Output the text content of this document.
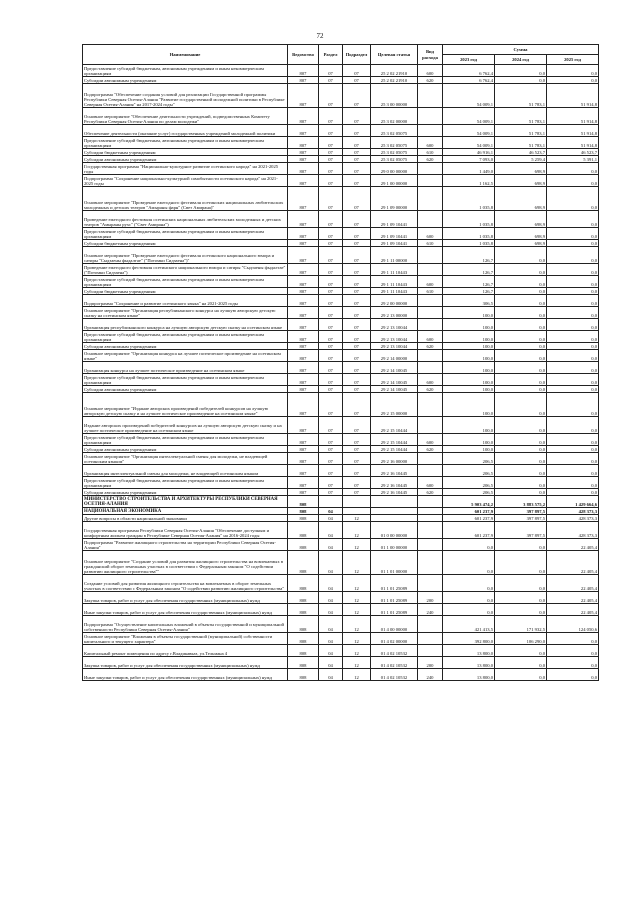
72
Наименование	Ведомство	Раздел	Подраздел	Целевая статья	Вид расхода	Сумма		
						2023 год	2024 год	2025 год
Предоставление субсидий бюджетным, автономным учреждениям и иным некоммерческим организациям	807	07	07	25 2 02 21910	600	6 762,4	0,0	0,0
Субсидии автономным учреждениям	807	07	07	25 2 02 21910	620	6 762,4	0,0	0,0
Подпрограмма "Обеспечение создания условий для реализации Государственной программы Республики Северная Осетия-Алания "Развитие государственной молодежной политики в Республике Северная Осетия-Алания" на 2017-2024 годы"	807	07	07	25 3 00 00000		54 009,1	51 783,1	51 914,8
Основное мероприятие "Обеспечение деятельности учреждений, подведомственных Комитету Республики Северная Осетия-Алания по делам молодежи"	807	07	07	25 3 02 00000		54 009,1	51 783,1	51 914,8
Обеспечение деятельности (оказание услуг) государственных учреждений молодежной политики	807	07	07	25 3 02 05075		54 009,1	51 783,1	51 914,8
Предоставление субсидий бюджетным, автономным учреждениям и иным некоммерческим организациям	807	07	07	25 3 02 05075	600	54 009,1	51 783,1	51 914,8
Субсидии бюджетным учреждениям	807	07	07	25 3 02 05075	610	46 916,1	46 523,7	46 523,7
Субсидии автономным учреждениям	807	07	07	25 3 02 05075	620	7 093,0	5 259,4	5 391,1
Государственная программа "Национально-культурное развитие осетинского народа" на 2021-2025 годы	807	07	07	29 0 00 00000		1 449,0	698,9	0,0
Подпрограмма "Сохранение национально-культурной самобытности осетинского народа" на 2021-2025 годы	807	07	07	29 1 00 00000		1 162,5	698,9	0,0
Основное мероприятие "Проведение ежегодного фестиваля осетинских национальных любительских молодежных и детских театров "Амыраны фарн" (Свет Амирана)"	807	07	07	29 1 09 00000		1 035,8	698,9	0,0
Проведение ежегодного фестиваля осетинских национальных любительских молодежных и детских театров "Амыраны рухс" ("Свет Амирана")	807	07	07	29 1 09 10441		1 035,8	698,9	0,0
Предоставление субсидий бюджетным, автономным учреждениям и иным некоммерческим организациям	807	07	07	29 1 09 10441	600	1 035,8	698,9	0,0
Субсидии бюджетным учреждениям	807	07	07	29 1 09 10441	610	1 035,8	698,9	0,0
Основное мероприятие "Проведение ежегодного фестиваля осетинского национального юмора и сатиры "Сыдзаены фыдалтае" ("Потомки Сидзаена")"	807	07	07	29 1 11 00000		126,7	0,0	0,0
Проведение ежегодного фестиваля осетинского национального юмора и сатиры "Сыдзаены фыдалтае" ("Потомки Сидзаена")	807	07	07	29 1 11 10443		126,7	0,0	0,0
Предоставление субсидий бюджетным, автономным учреждениям и иным некоммерческим организациям	807	07	07	29 1 11 10443	600	126,7	0,0	0,0
Субсидии бюджетным учреждениям	807	07	07	29 1 11 10443	610	126,7	0,0	0,0
Подпрограмма "Сохранение и развитие осетинского языка" на 2021-2025 годы	807	07	07	29 2 00 00000		306,5	0,0	0,0
Основное мероприятие "Организация республиканского конкурса на лучшую авторскую детскую сказку на осетинском языке"	807	07	07	29 2 13 00000		100,0	0,0	0,0
Организация республиканского конкурса на лучшую авторскую детскую сказку на осетинском языке	807	07	07	29 2 13 10044		100,0	0,0	0,0
Предоставление субсидий бюджетным, автономным учреждениям и иным некоммерческим организациям	807	07	07	29 2 13 10044	600	100,0	0,0	0,0
Субсидии автономным учреждениям	807	07	07	29 2 13 10044	620	100,0	0,0	0,0
Основное мероприятие "Организация конкурса на лучшее поэтическое произведение на осетинском языке"	807	07	07	29 2 14 00000		100,0	0,0	0,0
Организация конкурса на лучшее поэтическое произведение на осетинском языке	807	07	07	29 2 14 10045		100,0	0,0	0,0
Предоставление субсидий бюджетным, автономным учреждениям и иным некоммерческим организациям	807	07	07	29 2 14 10045	600	100,0	0,0	0,0
Субсидии автономным учреждениям	807	07	07	29 2 14 10045	620	100,0	0,0	0,0
Основное мероприятие "Издание авторских произведений победителей конкурсов на лучшую авторскую детскую сказку и на лучшее поэтическое произведение на осетинском языке"	807	07	07	29 2 15 00000		100,0	0,0	0,0
Издание авторских произведений победителей конкурсов на лучшую авторскую детскую сказку и на лучшее поэтическое произведение на осетинском языке	807	07	07	29 2 15 10444		100,0	0,0	0,0
Предоставление субсидий бюджетным, автономным учреждениям и иным некоммерческим организациям	807	07	07	29 2 15 10444	600	100,0	0,0	0,0
Субсидии автономным учреждениям	807	07	07	29 2 15 10444	620	100,0	0,0	0,0
Основное мероприятие "Организация интеллектуальной смены для молодежи, не владеющей осетинским языком"	807	07	07	29 2 16 00000		206,5	0,0	0,0
Организация интеллектуальной смены для молодежи, не владеющей осетинским языком	807	07	07	29 2 16 10445		206,5	0,0	0,0
Предоставление субсидий бюджетным, автономным учреждениям и иным некоммерческим организациям	807	07	07	29 2 16 10445	600	206,5	0,0	0,0
Субсидии автономным учреждениям	807	07	07	29 2 16 10445	620	206,5	0,0	0,0
МИНИСТЕРСТВО СТРОИТЕЛЬСТВА И АРХИТЕКТУРЫ РЕСПУБЛИКИ СЕВЕРНАЯ ОСЕТИЯ-АЛАНИЯ	808					5 903 474,2	3 883 575,2	1 429 664,6
НАЦИОНАЛЬНАЯ ЭКОНОМИКА	808	04				601 237,9	397 897,5	428 373,3
Другие вопросы в области национальной экономики	808	04	12			601 237,9	397 897,5	428 373,3
Государственная программа Республики Северная Осетия-Алания "Обеспечение доступным и комфортным жильем граждан в Республике Северная Осетия-Алания" на 2016-2024 годы	808	04	12	01 0 00 00000		601 237,9	397 897,5	428 373,3
Подпрограмма "Развитие жилищного строительства на территории Республики Северная Осетия-Алания"	808	04	12	01 1 00 00000		0,0	0,0	22 405,4
Основное мероприятие "Создание условий для развития жилищного строительства на вовлекаемых в гражданский оборот земельных участках в соответствии с Федеральным законом "О содействии развитию жилищного строительства""	808	04	12	01 1 01 00000		0,0	0,0	22 405,4
Создание условий для развития жилищного строительства на вовлекаемых в оборот земельных участках в соответствии с Федеральным законом "О содействии развитию жилищного строительства"	808	04	12	01 1 01 25089		0,0	0,0	22 405,4
Закупка товаров, работ и услуг для обеспечения государственных (муниципальных) нужд	808	04	12	01 1 01 25089	200	0,0	0,0	22 405,4
Иные закупки товаров, работ и услуг для обеспечения государственных (муниципальных) нужд	808	04	12	01 1 01 25089	240	0,0	0,0	22 405,4
Подпрограмма "Осуществление капитальных вложений в объекты государственной и муниципальной собственности Республики Северная Осетия-Алания"	808	04	12	01 4 00 00000		421 413,5	171 932,5	124 050,6
Основное мероприятие "Вложения в объекты государственной (муниципальной) собственности капитального и текущего характера"	808	04	12	01 4 02 00000		392 800,0	106 290,0	0,0
Капитальный ремонт помещения по адресу г.Владикавказ, ул.Тельмана 4	808	04	12	01 4 02 10532		13 800,0	0,0	0,0
Закупка товаров, работ и услуг для обеспечения государственных (муниципальных) нужд	808	04	12	01 4 02 10532	200	13 800,0	0,0	0,0
Иные закупки товаров, работ и услуг для обеспечения государственных (муниципальных) нужд	808	04	12	01 4 02 10532	240	13 800,0	0,0	0,0
